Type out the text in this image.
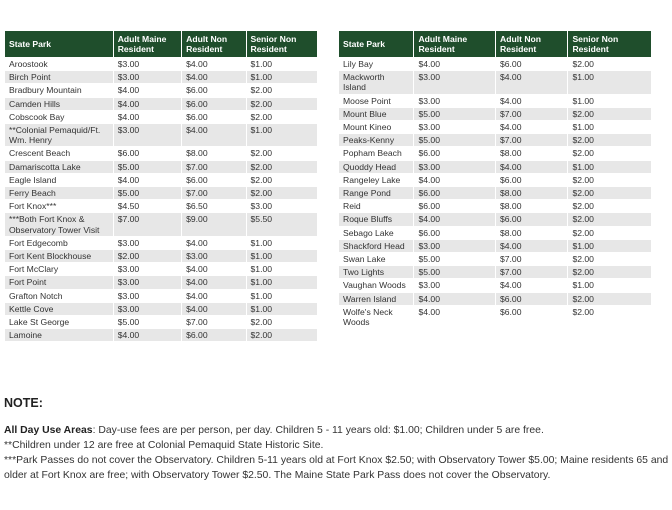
State Park	Adult Maine Resident	Adult Non Resident	Senior Non Resident
Aroostook	$3.00	$4.00	$1.00
Birch Point	$3.00	$4.00	$1.00
Bradbury Mountain	$4.00	$6.00	$2.00
Camden Hills	$4.00	$6.00	$2.00
Cobscook Bay	$4.00	$6.00	$2.00
**Colonial Pemaquid/Ft. Wm. Henry	$3.00	$4.00	$1.00
Crescent Beach	$6.00	$8.00	$2.00
Damariscotta Lake	$5.00	$7.00	$2.00
Eagle Island	$4.00	$6.00	$2.00
Ferry Beach	$5.00	$7.00	$2.00
Fort Knox***	$4.50	$6.50	$3.00
***Both Fort Knox & Observatory Tower Visit	$7.00	$9.00	$5.50
Fort Edgecomb	$3.00	$4.00	$1.00
Fort Kent Blockhouse	$2.00	$3.00	$1.00
Fort McClary	$3.00	$4.00	$1.00
Fort Point	$3.00	$4.00	$1.00
Grafton Notch	$3.00	$4.00	$1.00
Kettle Cove	$3.00	$4.00	$1.00
Lake St George	$5.00	$7.00	$2.00
Lamoine	$4.00	$6.00	$2.00
State Park	Adult Maine Resident	Adult Non Resident	Senior Non Resident
Lily Bay	$4.00	$6.00	$2.00
Mackworth Island	$3.00	$4.00	$1.00
Moose Point	$3.00	$4.00	$1.00
Mount Blue	$5.00	$7.00	$2.00
Mount Kineo	$3.00	$4.00	$1.00
Peaks-Kenny	$5.00	$7.00	$2.00
Popham Beach	$6.00	$8.00	$2.00
Quoddy Head	$3.00	$4.00	$1.00
Rangeley Lake	$4.00	$6.00	$2.00
Range Pond	$6.00	$8.00	$2.00
Reid	$6.00	$8.00	$2.00
Roque Bluffs	$4.00	$6.00	$2.00
Sebago Lake	$6.00	$8.00	$2.00
Shackford Head	$3.00	$4.00	$1.00
Swan Lake	$5.00	$7.00	$2.00
Two Lights	$5.00	$7.00	$2.00
Vaughan Woods	$3.00	$4.00	$1.00
Warren Island	$4.00	$6.00	$2.00
Wolfe's Neck Woods	$4.00	$6.00	$2.00
NOTE:

All Day Use Areas: Day-use fees are per person, per day. Children 5 - 11 years old: $1.00; Children under 5 are free.

**Children under 12 are free at Colonial Pemaquid State Historic Site.

***Park Passes do not cover the Observatory. Children 5-11 years old at Fort Knox $2.50; with Observatory Tower $5.00; Maine residents 65 and older at Fort Knox are free; with Observatory Tower $2.50. The Maine State Park Pass does not cover the Observatory.
